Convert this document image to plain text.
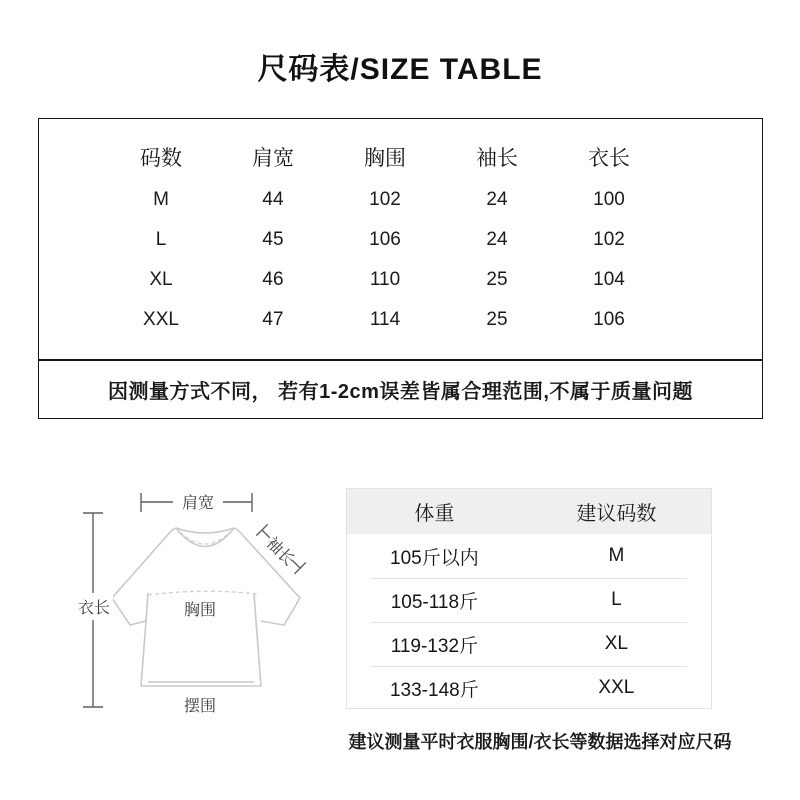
尺码表/SIZE TABLE
码数	肩宽	胸围	袖长	衣长
M	44	102	24	100
L	45	106	24	102
XL	46	110	25	104
XXL	47	114	25	106
因测量方式不同， 若有1-2cm误差皆属合理范围,不属于质量问题
肩宽
袖长
衣长	胸围
摆围
体重	建议码数
105斤以内	M
105-118斤	L
119-132斤	XL
133-148斤	XXL
建议测量平时衣服胸围/衣长等数据选择对应尺码
